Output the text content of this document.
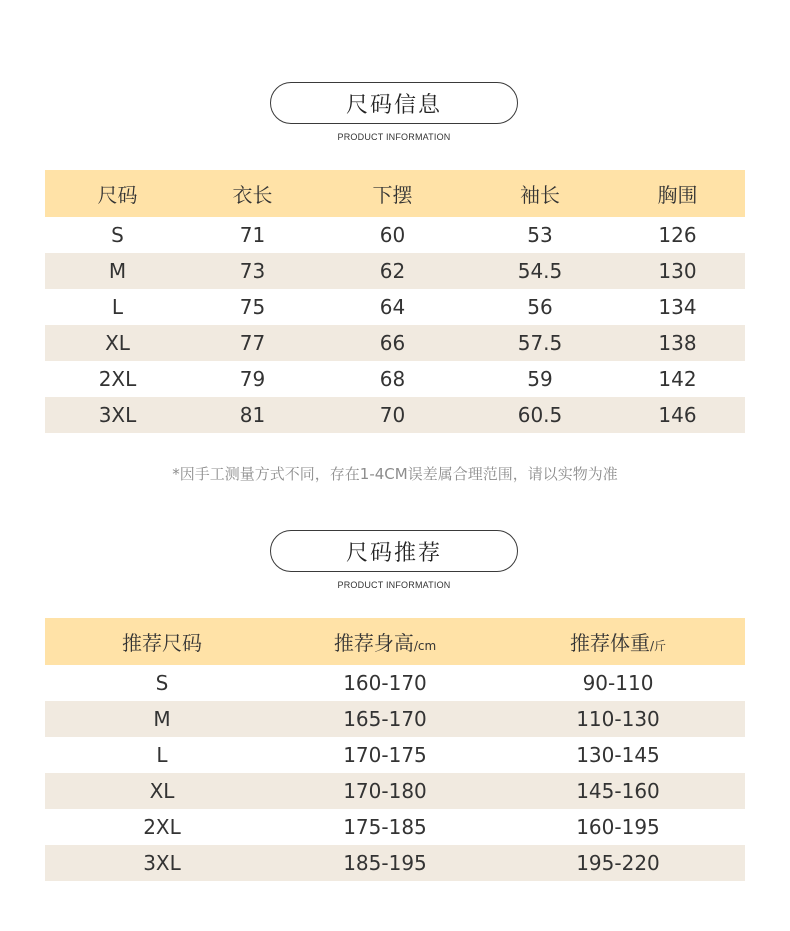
尺码信息
PRODUCT INFORMATION
尺码	衣长	下摆	袖长	胸围
S	71	60	53	126
M	73	62	54.5	130
L	75	64	56	134
XL	77	66	57.5	138
2XL	79	68	59	142
3XL	81	70	60.5	146
*因手工测量方式不同，存在1-4CM误差属合理范围，请以实物为准
尺码推荐
PRODUCT INFORMATION
推荐尺码	推荐身高/cm	推荐体重/斤
S	160-170	90-110
M	165-170	110-130
L	170-175	130-145
XL	170-180	145-160
2XL	175-185	160-195
3XL	185-195	195-220
